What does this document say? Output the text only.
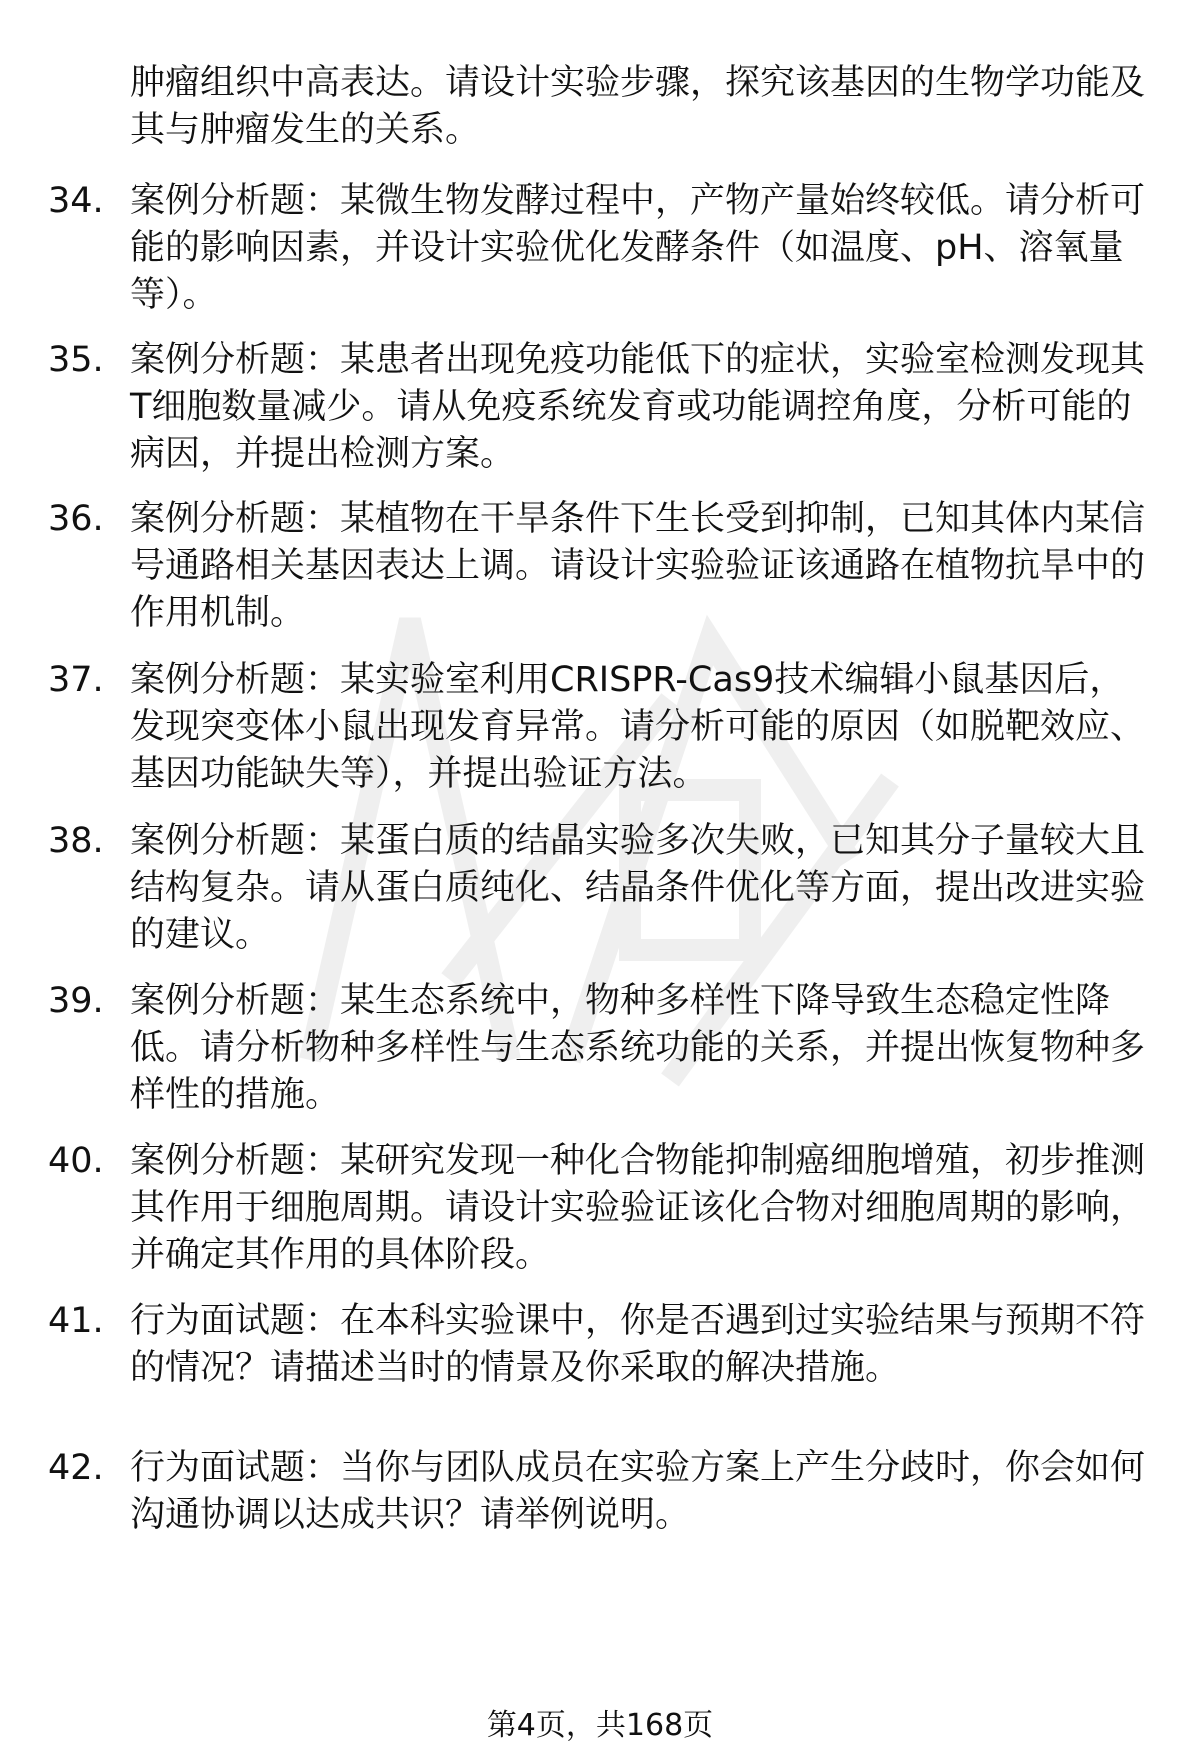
肿瘤组织中高表达。请设计实验步骤，探究该基因的生物学功能及其与肿瘤发生的关系。
34. 案例分析题：某微生物发酵过程中，产物产量始终较低。请分析可能的影响因素，并设计实验优化发酵条件（如温度、pH、溶氧量等）。
35. 案例分析题：某患者出现免疫功能低下的症状，实验室检测发现其T细胞数量减少。请从免疫系统发育或功能调控角度，分析可能的病因，并提出检测方案。
36. 案例分析题：某植物在干旱条件下生长受到抑制，已知其体内某信号通路相关基因表达上调。请设计实验验证该通路在植物抗旱中的作用机制。
37. 案例分析题：某实验室利用CRISPR-Cas9技术编辑小鼠基因后，发现突变体小鼠出现发育异常。请分析可能的原因（如脱靶效应、基因功能缺失等），并提出验证方法。
38. 案例分析题：某蛋白质的结晶实验多次失败，已知其分子量较大且结构复杂。请从蛋白质纯化、结晶条件优化等方面，提出改进实验的建议。
39. 案例分析题：某生态系统中，物种多样性下降导致生态稳定性降低。请分析物种多样性与生态系统功能的关系，并提出恢复物种多样性的措施。
40. 案例分析题：某研究发现一种化合物能抑制癌细胞增殖，初步推测其作用于细胞周期。请设计实验验证该化合物对细胞周期的影响，并确定其作用的具体阶段。
41. 行为面试题：在本科实验课中，你是否遇到过实验结果与预期不符的情况？请描述当时的情景及你采取的解决措施。
42. 行为面试题：当你与团队成员在实验方案上产生分歧时，你会如何沟通协调以达成共识？请举例说明。
第4页，共168页
